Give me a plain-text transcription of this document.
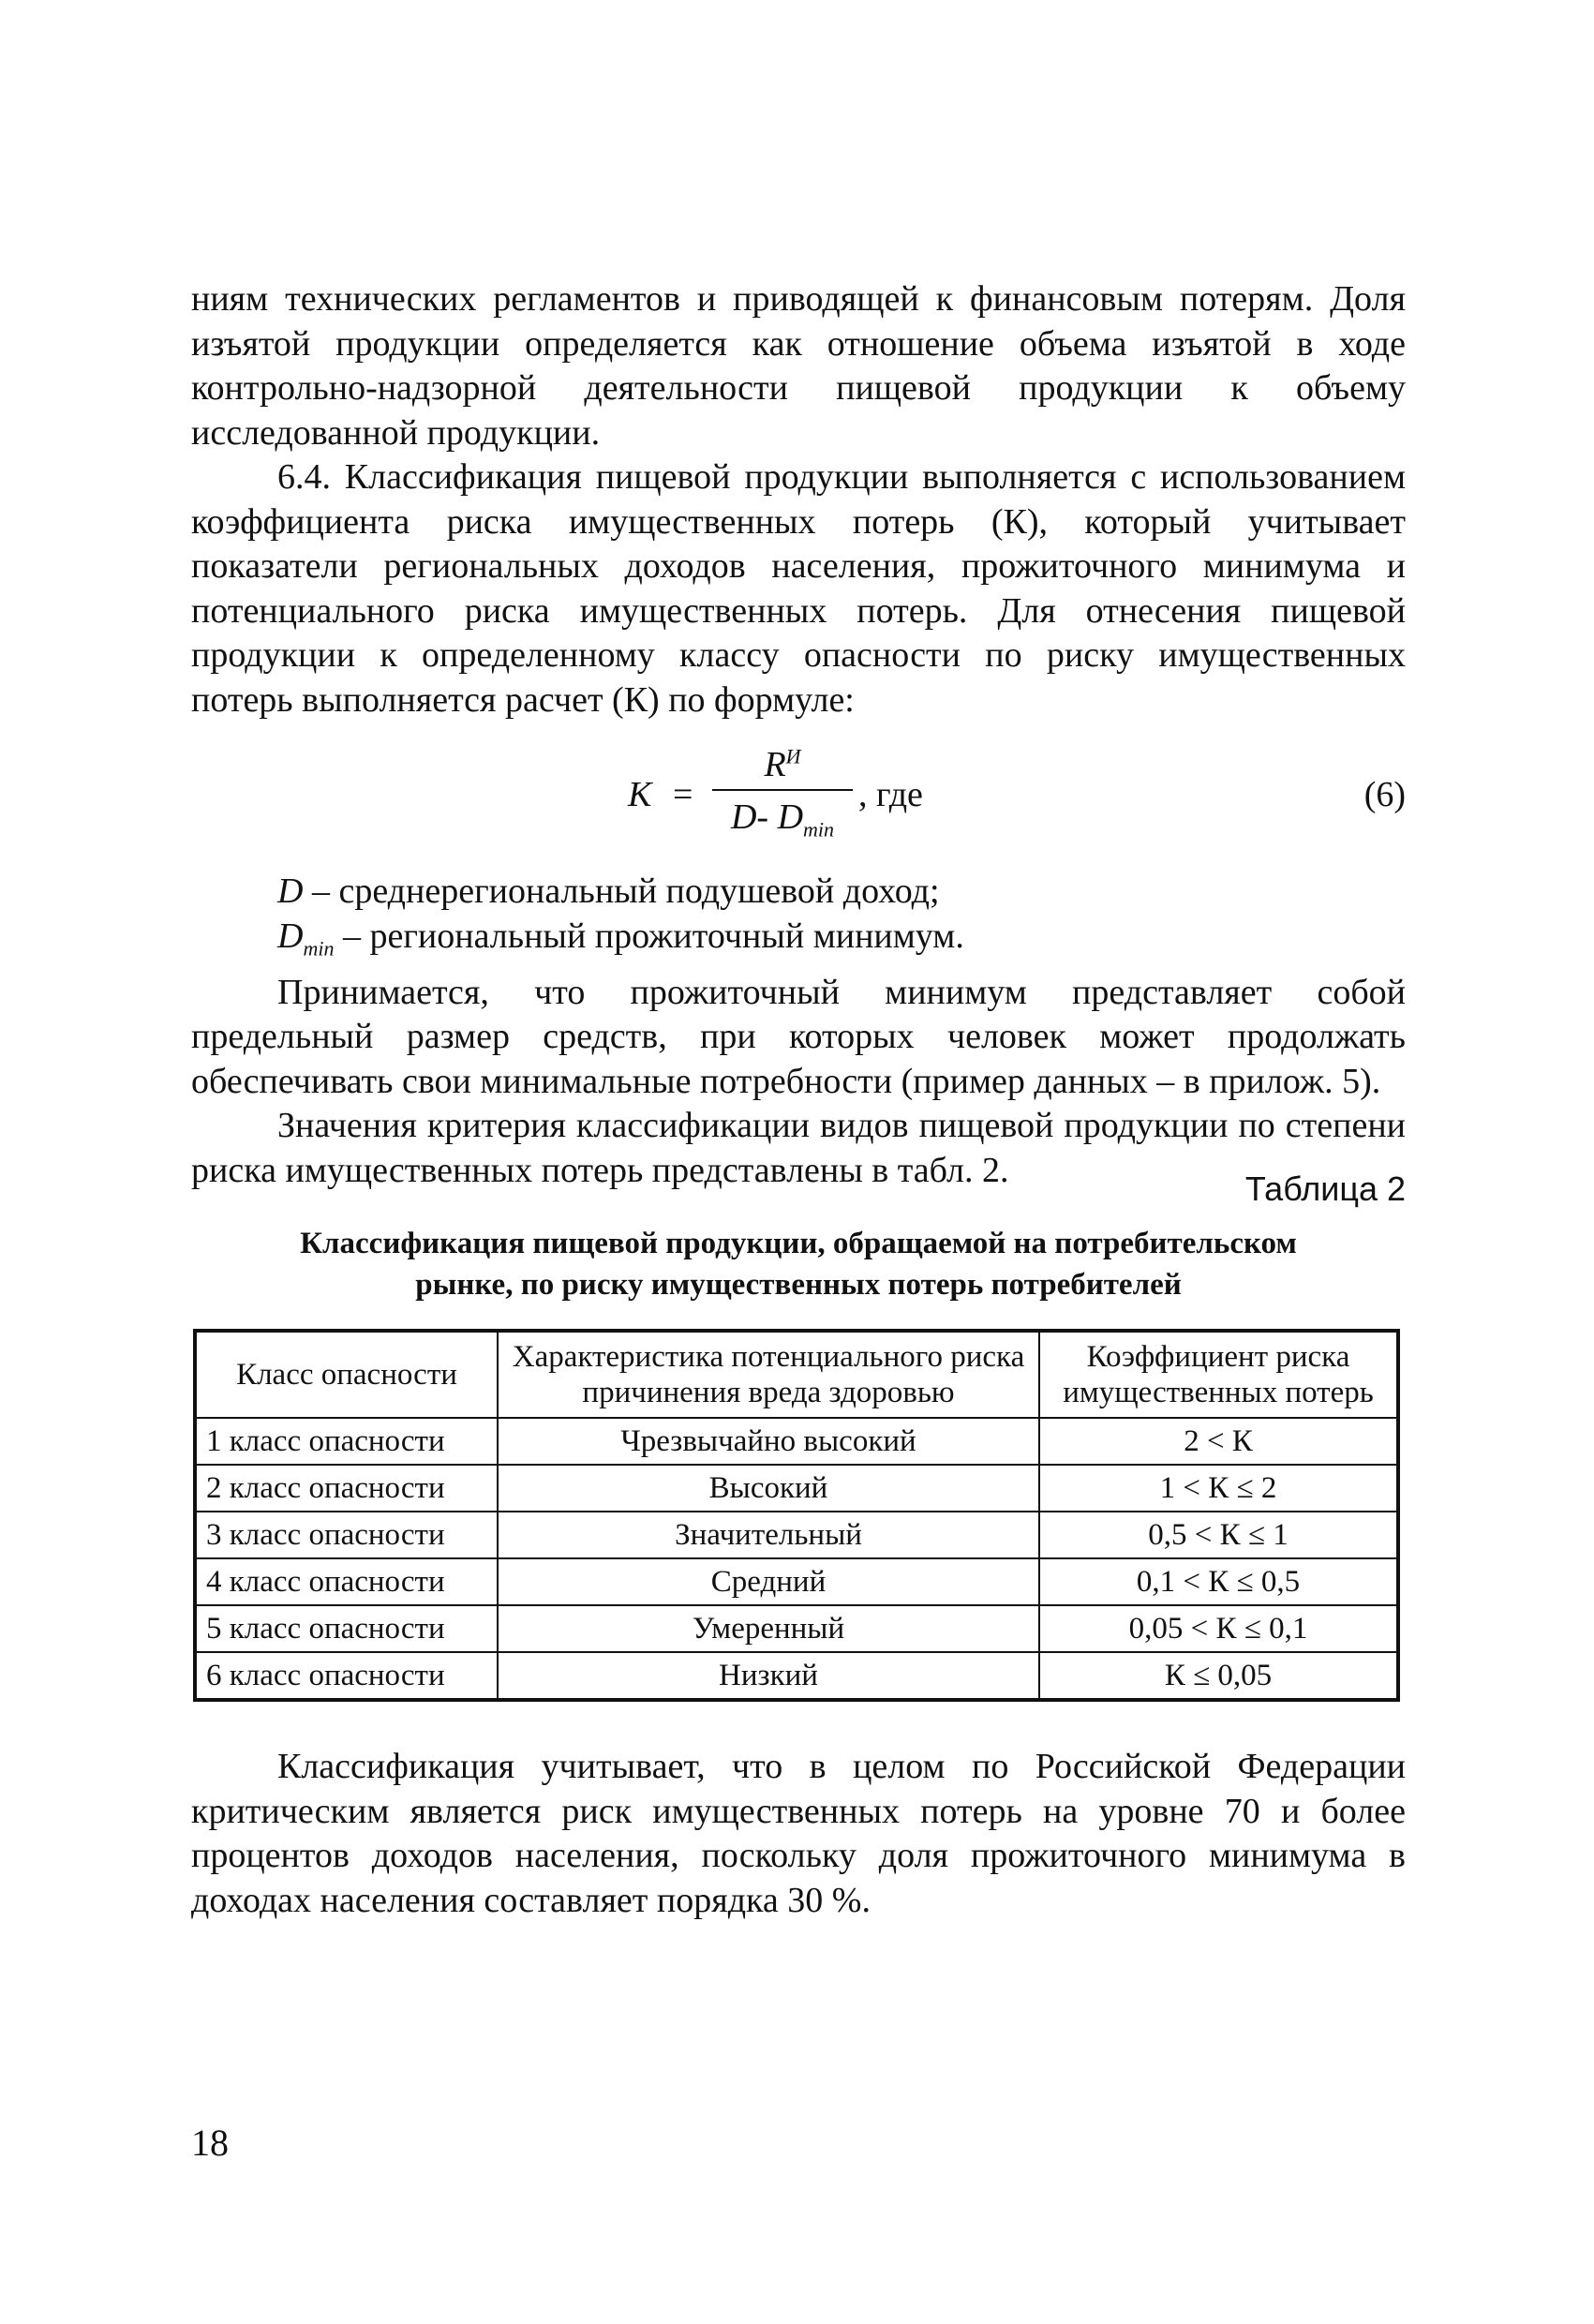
ниям технических регламентов и приводящей к финансовым потерям. Доля изъятой продукции определяется как отношение объема изъятой в ходе контрольно-надзорной деятельности пищевой продукции к объему исследованной продукции.

6.4. Классификация пищевой продукции выполняется с использованием коэффициента риска имущественных потерь (К), который учитывает показатели региональных доходов населения, прожиточного минимума и потенциального риска имущественных потерь. Для отнесения пищевой продукции к определенному классу опасности по риску имущественных потерь выполняется расчет (К) по формуле:

К =
$R^И$
D- $D_{min}$
, где	(6)

D – среднерегиональный подушевой доход;

$D_{min}$ – региональный прожиточный минимум.

Принимается, что прожиточный минимум представляет собой предельный размер средств, при которых человек может продолжать обеспечивать свои минимальные потребности (пример данных – в прилож. 5).

Значения критерия классификации видов пищевой продукции по степени риска имущественных потерь представлены в табл. 2.	Таблица 2
Классификация пищевой продукции, обращаемой на потребительском
рынке, по риску имущественных потерь потребителей
Класс опасности	Характеристика потенциального риска причинения вреда здоровью	Коэффициент риска имущественных потерь
1 класс опасности	Чрезвычайно высокий	2 < К
2 класс опасности	Высокий	1 < К ≤ 2
3 класс опасности	Значительный	0,5 < К ≤ 1
4 класс опасности	Средний	0,1 < К ≤ 0,5
5 класс опасности	Умеренный	0,05 < К ≤ 0,1
6 класс опасности	Низкий	К ≤ 0,05

Классификация учитывает, что в целом по Российской Федерации критическим является риск имущественных потерь на уровне 70 и более процентов доходов населения, поскольку доля прожиточного минимума в доходах населения составляет порядка 30 %.

18
